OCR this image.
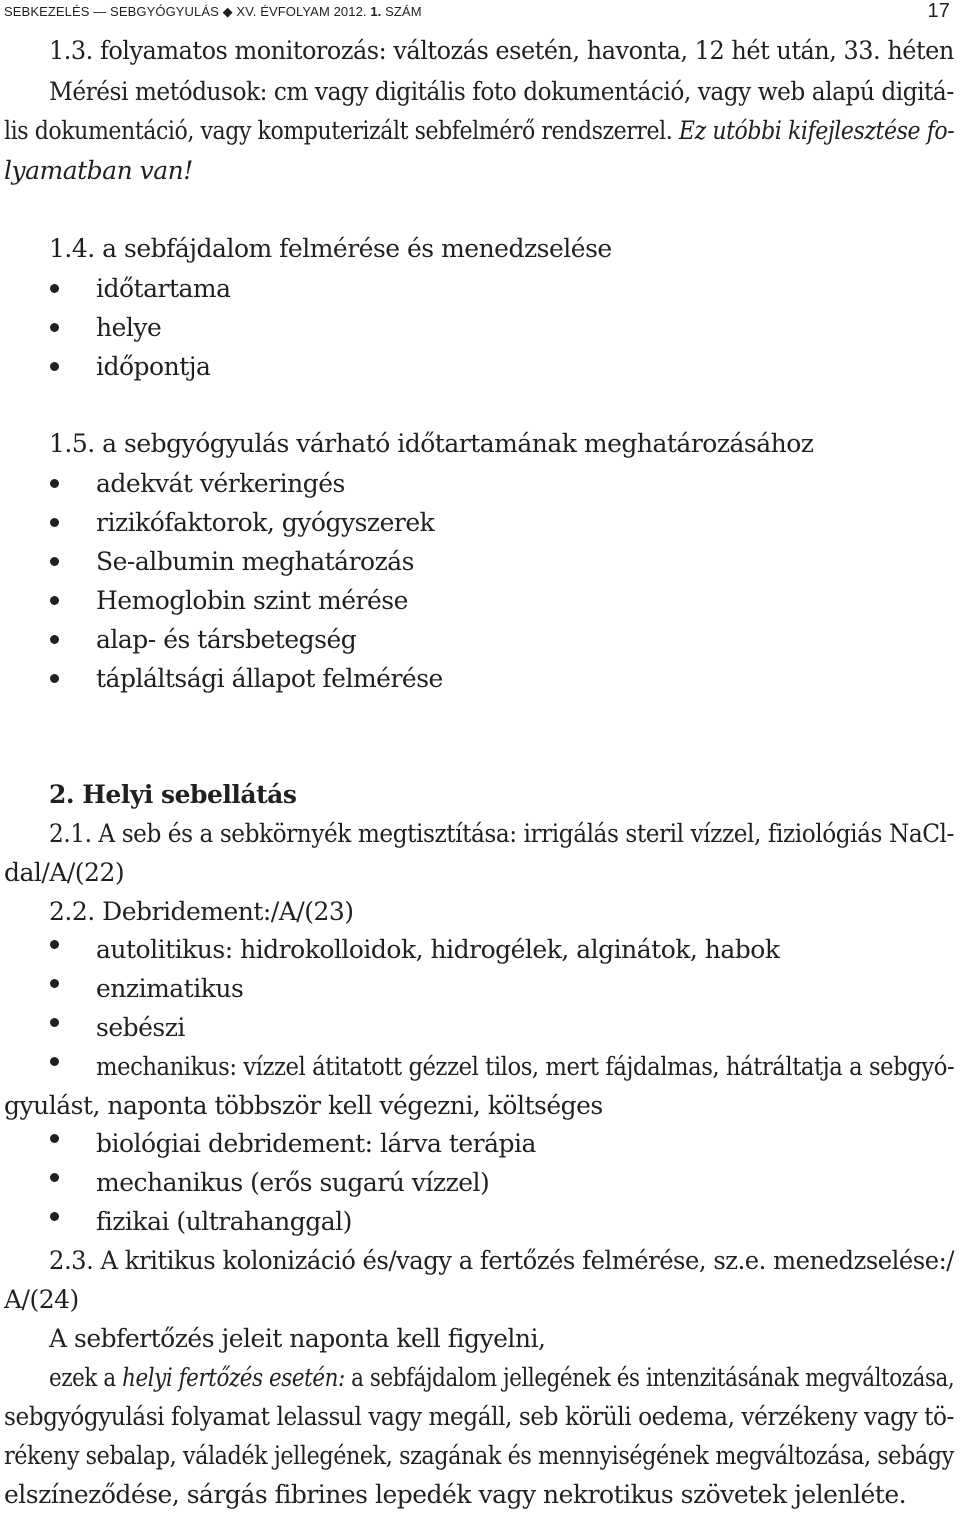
SEBKEZELÉS — SEBGYÓGYULÁS ◆ XV. ÉVFOLYAM 2012. 1. SZÁM	17
1.3. folyamatos monitorozás: változás esetén, havonta, 12 hét után, 33. héten
Mérési metódusok: cm vagy digitális foto dokumentáció, vagy web alapú digitá-
lis dokumentáció, vagy komputerizált sebfelmérő rendszerrel. Ez utóbbi kifejlesztése fo-
lyamatban van!
1.4. a sebfájdalom felmérése és menedzselése
időtartama
helye
időpontja
1.5. a sebgyógyulás várható időtartamának meghatározásához
adekvát vérkeringés
rizikófaktorok, gyógyszerek
Se-albumin meghatározás
Hemoglobin szint mérése
alap- és társbetegség
tápláltsági állapot felmérése
2. Helyi sebellátás
2.1. A seb és a sebkörnyék megtisztítása: irrigálás steril vízzel, fiziológiás NaCl-
dal/A/(22)
2.2. Debridement:/A/(23)
autolitikus: hidrokolloidok, hidrogélek, alginátok, habok
enzimatikus
sebészi
mechanikus: vízzel átitatott gézzel tilos, mert fájdalmas, hátráltatja a sebgyó-
gyulást, naponta többször kell végezni, költséges
biológiai debridement: lárva terápia
mechanikus (erős sugarú vízzel)
fizikai (ultrahanggal)
2.3. A kritikus kolonizáció és/vagy a fertőzés felmérése, sz.e. menedzselése:/
A/(24)
A sebfertőzés jeleit naponta kell figyelni,
ezek a helyi fertőzés esetén: a sebfájdalom jellegének és intenzitásának megváltozása,
sebgyógyulási folyamat lelassul vagy megáll, seb körüli oedema, vérzékeny vagy tö-
rékeny sebalap, váladék jellegének, szagának és mennyiségének megváltozása, sebágy
elszíneződése, sárgás fibrines lepedék vagy nekrotikus szövetek jelenléte.
